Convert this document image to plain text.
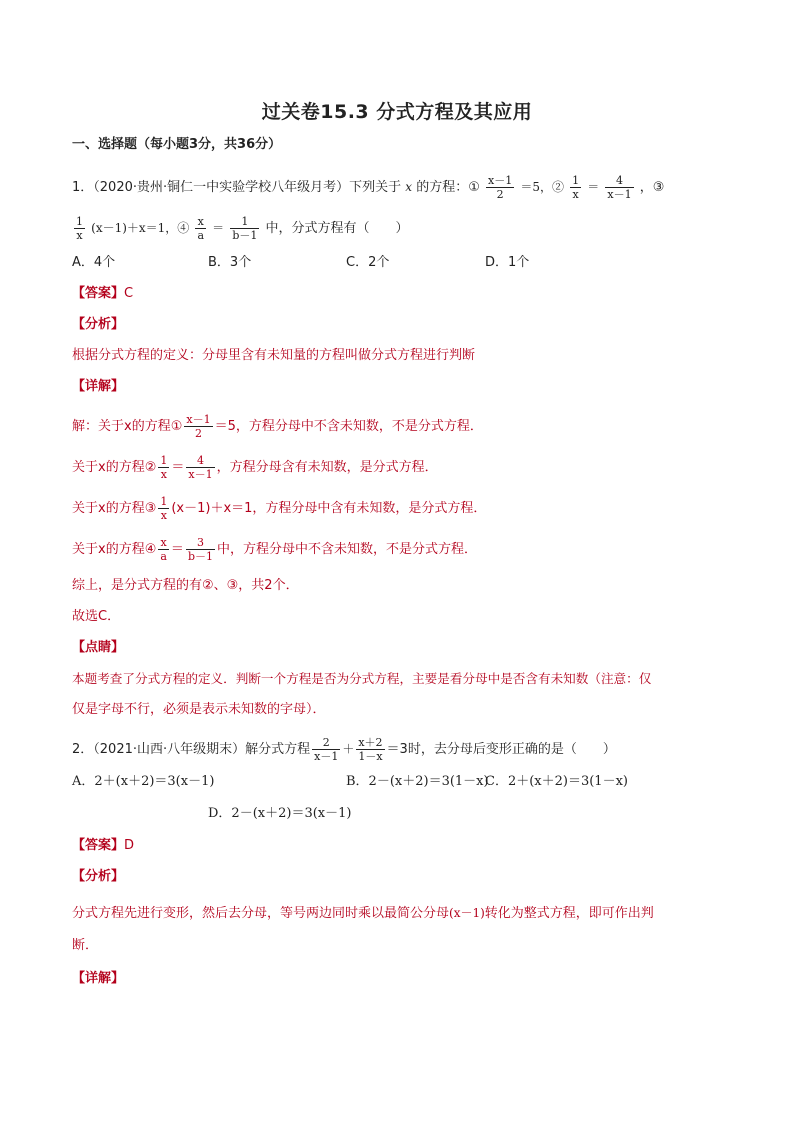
过关卷15.3 分式方程及其应用
一、选择题（每小题3分，共36分）
1．（2020·贵州·铜仁一中实验学校八年级月考）下列关于 x 的方程：① $\frac{x-1}{2} =5$，② $\frac{1}{x} = \frac{4}{x-1}$ ，③
$\frac{1}{x} (x-1)+x=1$，④ $\frac{x}{a} = \frac{1}{b-1}$ 中，分式方程有（　　）
A．4个	B．3个	C．2个	D．1个
【答案】C
【分析】
根据分式方程的定义：分母里含有未知量的方程叫做分式方程进行判断
【详解】
解：关于x的方程① $\frac{x-1}{2} =5$，方程分母中不含未知数，不是分式方程．
关于x的方程② $\frac{1}{x} = \frac{4}{x-1}$ ，方程分母含有未知数，是分式方程．
关于x的方程③ $\frac{1}{x} (x-1)+x=1$，方程分母中含有未知数，是分式方程．
关于x的方程④ $\frac{x}{a} = \frac{3}{b-1}$ 中，方程分母中不含未知数，不是分式方程．
综上，是分式方程的有②、③，共2个．
故选C．
【点睛】
本题考查了分式方程的定义．判断一个方程是否为分式方程，主要是看分母中是否含有未知数（注意：仅
仅是字母不行，必须是表示未知数的字母）．
2．（2021·山西·八年级期末）解分式方程 $\frac{2}{x-1} + \frac{x+2}{1-x} =3$时，去分母后变形正确的是（　　）
A．2＋(x＋2)＝3(x－1)	B．2－(x＋2)＝3(1－x)
C．2＋(x＋2)＝3(1－x)
D．2－(x＋2)＝3(x－1)
【答案】D
【分析】
分式方程先进行变形，然后去分母，等号两边同时乘以最简公分母(x－1)转化为整式方程，即可作出判
断．
【详解】
